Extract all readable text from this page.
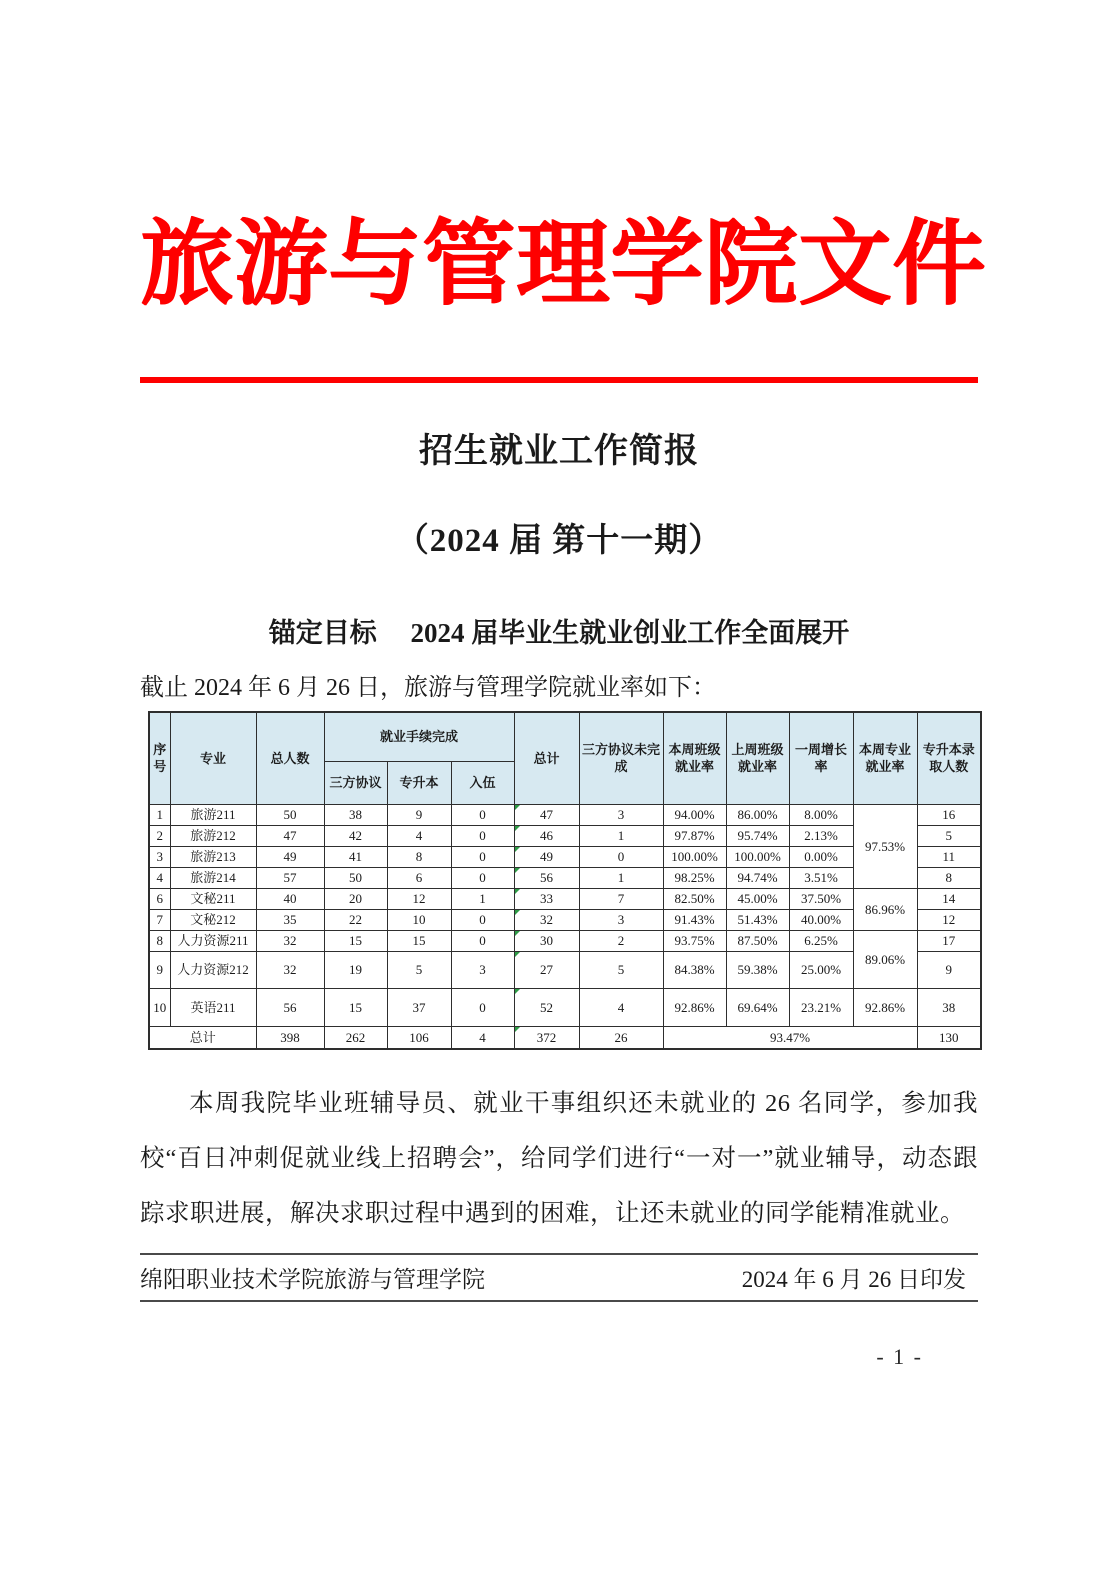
旅游与管理学院文件
招生就业工作简报
（2024 届 第十一期）
锚定目标　 2024 届毕业生就业创业工作全面展开
截止 2024 年 6 月 26 日，旅游与管理学院就业率如下：
序号	专业	总人数	就业手续完成			总计	三方协议未完成	本周班级就业率	上周班级就业率	一周增长率	本周专业就业率	专升本录取人数
			三方协议	专升本	入伍							
1	旅游211	50	38	9	0	47	3	94.00%	86.00%	8.00%	97.53%	16
2	旅游212	47	42	4	0	46	1	97.87%	95.74%	2.13%		5
3	旅游213	49	41	8	0	49	0	100.00%	100.00%	0.00%		11
4	旅游214	57	50	6	0	56	1	98.25%	94.74%	3.51%		8
6	文秘211	40	20	12	1	33	7	82.50%	45.00%	37.50%	86.96%	14
7	文秘212	35	22	10	0	32	3	91.43%	51.43%	40.00%		12
8	人力资源211	32	15	15	0	30	2	93.75%	87.50%	6.25%	89.06%	17
9	人力资源212	32	19	5	3	27	5	84.38%	59.38%	25.00%		9
10	英语211	56	15	37	0	52	4	92.86%	69.64%	23.21%	92.86%	38
总计		398	262	106	4	372	26	93.47%				130

本周我院毕业班辅导员、就业干事组织还未就业的 26 名同学，参加我校“百日冲刺促就业线上招聘会”，给同学们进行“一对一”就业辅导，动态跟踪求职进展，解决求职过程中遇到的困难，让还未就业的同学能精准就业。

绵阳职业技术学院旅游与管理学院	2024 年 6 月 26 日印发
- 1 -
